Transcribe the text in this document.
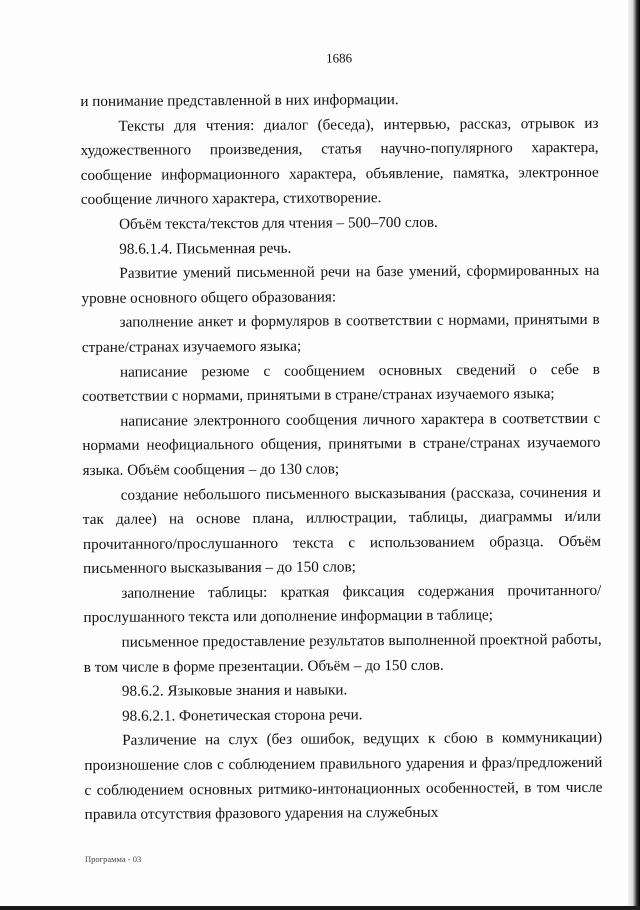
1686

и понимание представленной в них информации.

Тексты для чтения: диалог (беседа), интервью, рассказ, отрывок из художественного произведения, статья научно-популярного характера, сообщение информационного характера, объявление, памятка, электронное сообщение личного характера, стихотворение.

Объём текста/текстов для чтения – 500–700 слов.

98.6.1.4. Письменная речь.

Развитие умений письменной речи на базе умений, сформированных на уровне основного общего образования:

заполнение анкет и формуляров в соответствии с нормами, принятыми в стране/странах изучаемого языка;

написание резюме с сообщением основных сведений о себе в соответствии с нормами, принятыми в стране/странах изучаемого языка;

написание электронного сообщения личного характера в соответствии с нормами неофициального общения, принятыми в стране/странах изучаемого языка. Объём сообщения – до 130 слов;

создание небольшого письменного высказывания (рассказа, сочинения и так далее) на основе плана, иллюстрации, таблицы, диаграммы и/или прочитанного/прослушанного текста с использованием образца. Объём письменного высказывания – до 150 слов;

заполнение таблицы: краткая фиксация содержания прочитанного/прослушанного текста или дополнение информации в таблице;

письменное предоставление результатов выполненной проектной работы, в том числе в форме презентации. Объём – до 150 слов.

98.6.2. Языковые знания и навыки.

98.6.2.1. Фонетическая сторона речи.

Различение на слух (без ошибок, ведущих к сбою в коммуникации) произношение слов с соблюдением правильного ударения и фраз/предложений с соблюдением основных ритмико-интонационных особенностей, в том числе правила отсутствия фразового ударения на служебных

Программа - 03
